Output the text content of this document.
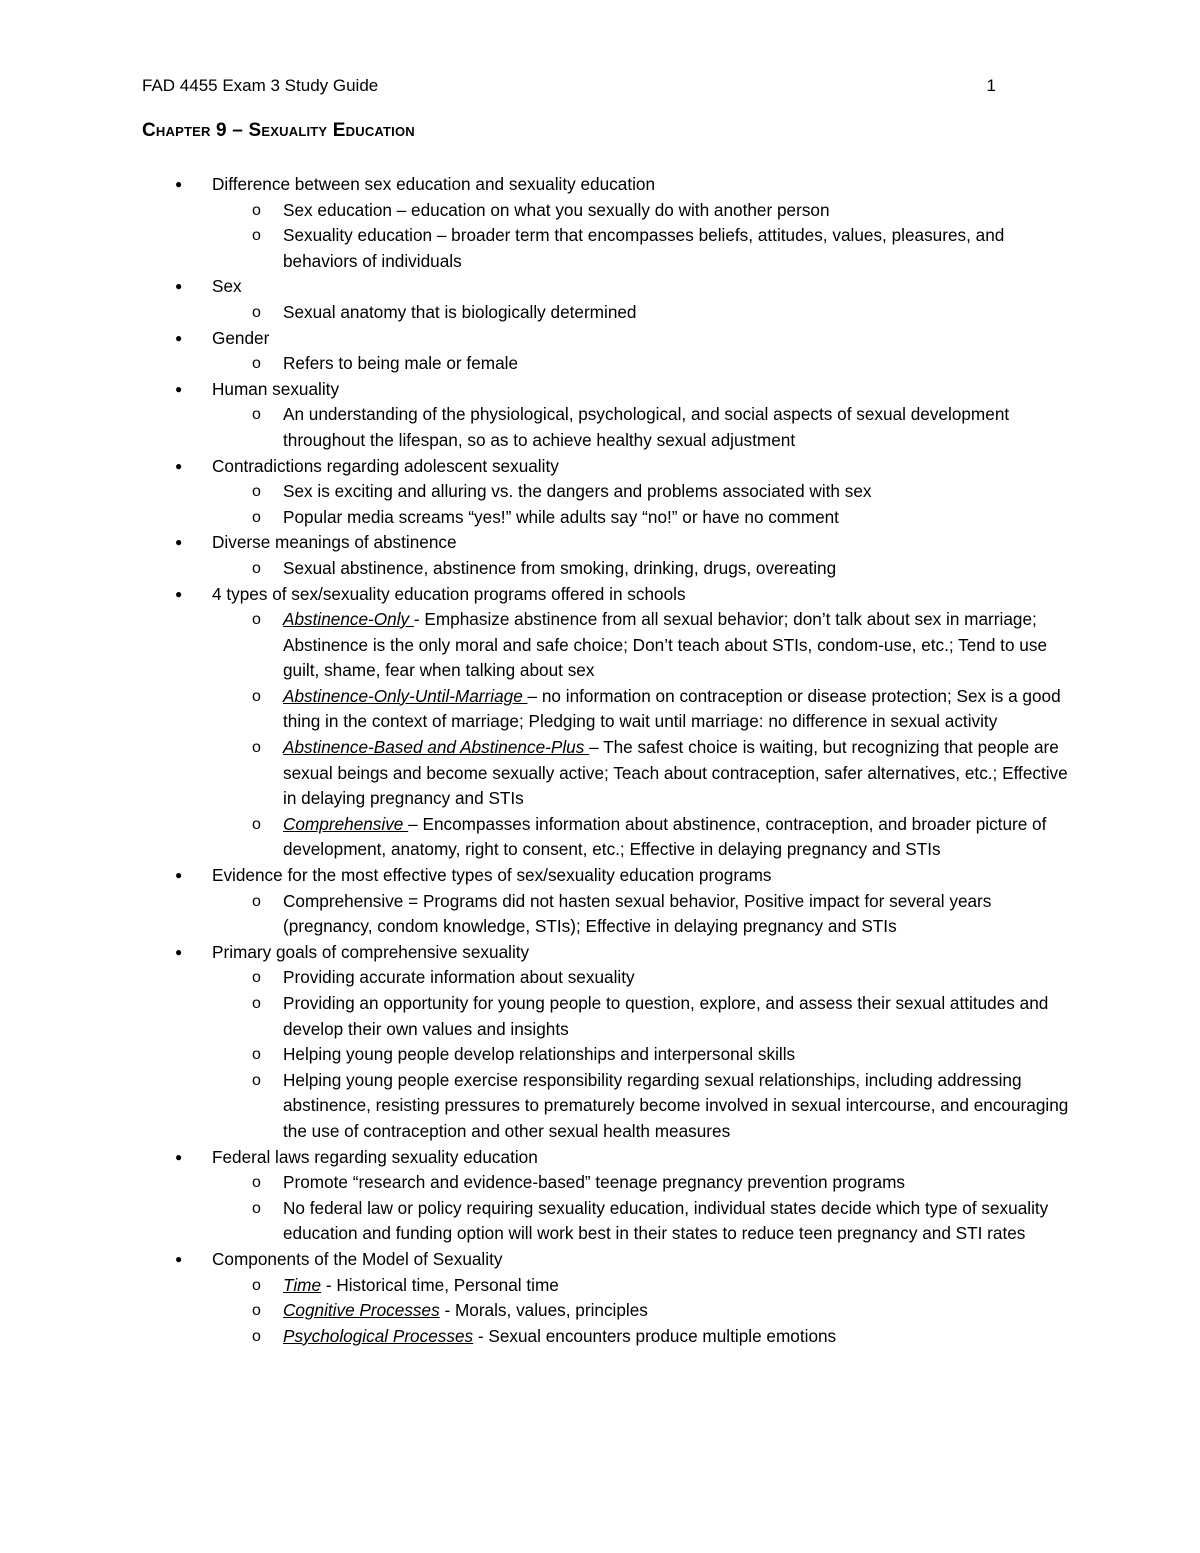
FAD 4455 Exam 3 Study Guide	1
Chapter 9 – Sexuality Education
● Difference between sex education and sexuality education
o Sex education – education on what you sexually do with another person
o Sexuality education – broader term that encompasses beliefs, attitudes, values, pleasures, and behaviors of individuals
● Sex
o Sexual anatomy that is biologically determined
● Gender
o Refers to being male or female
● Human sexuality
o An understanding of the physiological, psychological, and social aspects of sexual development throughout the lifespan, so as to achieve healthy sexual adjustment
● Contradictions regarding adolescent sexuality
o Sex is exciting and alluring vs. the dangers and problems associated with sex
o Popular media screams “yes!” while adults say “no!” or have no comment
● Diverse meanings of abstinence
o Sexual abstinence, abstinence from smoking, drinking, drugs, overeating
● 4 types of sex/sexuality education programs offered in schools
o Abstinence-Only - Emphasize abstinence from all sexual behavior; don’t talk about sex in marriage; Abstinence is the only moral and safe choice; Don’t teach about STIs, condom-use, etc.; Tend to use guilt, shame, fear when talking about sex
o Abstinence-Only-Until-Marriage – no information on contraception or disease protection; Sex is a good thing in the context of marriage; Pledging to wait until marriage: no difference in sexual activity
o Abstinence-Based and Abstinence-Plus – The safest choice is waiting, but recognizing that people are sexual beings and become sexually active; Teach about contraception, safer alternatives, etc.; Effective in delaying pregnancy and STIs
o Comprehensive – Encompasses information about abstinence, contraception, and broader picture of development, anatomy, right to consent, etc.; Effective in delaying pregnancy and STIs
● Evidence for the most effective types of sex/sexuality education programs
o Comprehensive = Programs did not hasten sexual behavior, Positive impact for several years (pregnancy, condom knowledge, STIs); Effective in delaying pregnancy and STIs
● Primary goals of comprehensive sexuality
o Providing accurate information about sexuality
o Providing an opportunity for young people to question, explore, and assess their sexual attitudes and develop their own values and insights
o Helping young people develop relationships and interpersonal skills
o Helping young people exercise responsibility regarding sexual relationships, including addressing abstinence, resisting pressures to prematurely become involved in sexual intercourse, and encouraging the use of contraception and other sexual health measures
● Federal laws regarding sexuality education
o Promote “research and evidence-based” teenage pregnancy prevention programs
o No federal law or policy requiring sexuality education, individual states decide which type of sexuality education and funding option will work best in their states to reduce teen pregnancy and STI rates
● Components of the Model of Sexuality
o Time - Historical time, Personal time
o Cognitive Processes - Morals, values, principles
o Psychological Processes - Sexual encounters produce multiple emotions
